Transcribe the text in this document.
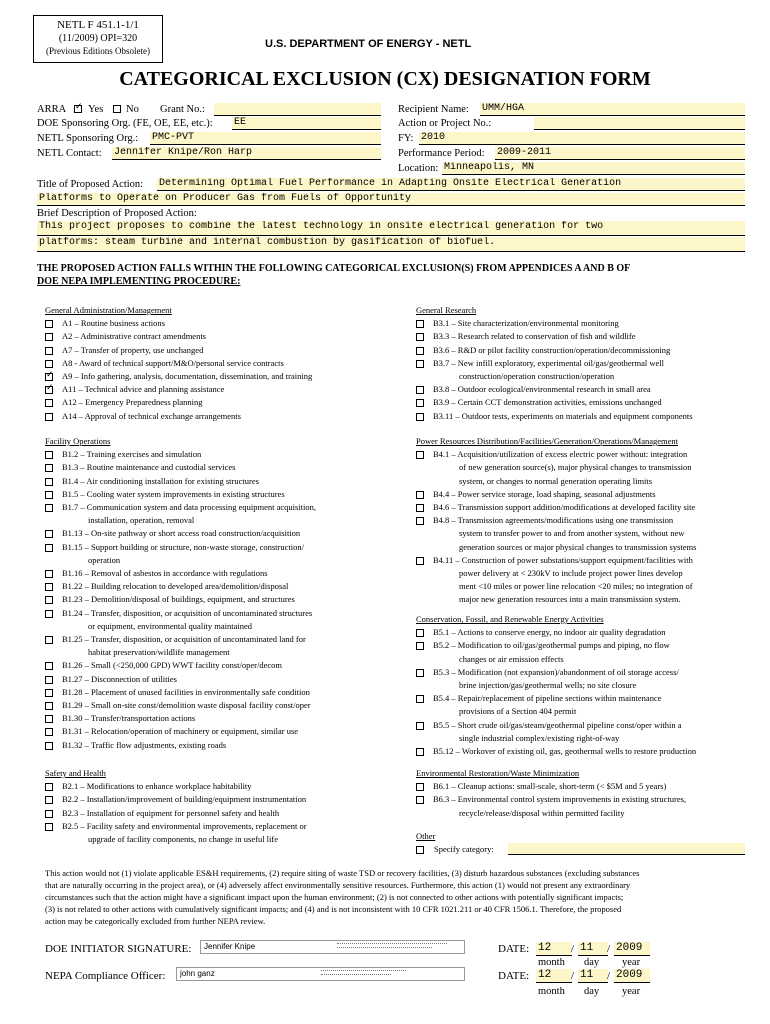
NETL F 451.1-1/1
(11/2009) OPI=320
(Previous Editions Obsolete)
U.S. DEPARTMENT OF ENERGY - NETL
CATEGORICAL EXCLUSION (CX) DESIGNATION FORM
ARRA
✓ Yes No Grant No.:
DOE Sponsoring Org. (FE, OE, EE, etc.): EE
NETL Sponsoring Org.: PMC-PVT
NETL Contact: Jennifer Knipe/Ron Harp
Recipient Name: UMM/HGA
Action or Project No.:
FY: 2010
Performance Period: 2009-2011
Location: Minneapolis, MN
Title of Proposed Action: Determining Optimal Fuel Performance in Adapting Onsite Electrical Generation
Platforms to Operate on Producer Gas from Fuels of Opportunity
Brief Description of Proposed Action:
This project proposes to combine the latest technology in onsite electrical generation for two
platforms: steam turbine and internal combustion by gasification of biofuel.
THE PROPOSED ACTION FALLS WITHIN THE FOLLOWING CATEGORICAL EXCLUSION(S) FROM APPENDICES A AND B OF
DOE NEPA IMPLEMENTING PROCEDURE:
General Administration/Management
A1 – Routine business actions
A2 – Administrative contract amendments
A7 – Transfer of property, use unchanged
A8 - Award of technical support/M&O/personal service contracts
✓
A9 – Info gathering, analysis, documentation, dissemination, and training
✓
A11 – Technical advice and planning assistance
A12 – Emergency Preparedness planning
A14 – Approval of technical exchange arrangements
Facility Operations
B1.2 – Training exercises and simulation
B1.3 – Routine maintenance and custodial services
B1.4 – Air conditioning installation for existing structures
B1.5 – Cooling water system improvements in existing structures
B1.7 – Communication system and data processing equipment acquisition,
installation, operation, removal
B1.13 – On-site pathway or short access road construction/acquisition
B1.15 – Support building or structure, non-waste storage, construction/
operation
B1.16 – Removal of asbestos in accordance with regulations
B1.22 – Building relocation to developed area/demolition/disposal
B1.23 – Demolition/disposal of buildings, equipment, and structures
B1.24 – Transfer, disposition, or acquisition of uncontaminated structures
or equipment, environmental quality maintained
B1.25 – Transfer, disposition, or acquisition of uncontaminated land for
habitat preservation/wildlife management
B1.26 – Small (<250,000 GPD) WWT facility const/oper/decom
B1.27 – Disconnection of utilities
B1.28 – Placement of unused facilities in environmentally safe condition
B1.29 – Small on-site const/demolition waste disposal facility const/oper
B1.30 – Transfer/transportation actions
B1.31 – Relocation/operation of machinery or equipment, similar use
B1.32 – Traffic flow adjustments, existing roads
Safety and Health
B2.1 – Modifications to enhance workplace habitability
B2.2 – Installation/improvement of building/equipment instrumentation
B2.3 – Installation of equipment for personnel safety and health
B2.5 – Facility safety and environmental improvements, replacement or
upgrade of facility components, no change in useful life
General Research
B3.1 – Site characterization/environmental monitoring
B3.3 – Research related to conservation of fish and wildlife
B3.6 – R&D or pilot facility construction/operation/decommissioning
B3.7 – New infill exploratory, experimental oil/gas/geothermal well
construction/operation construction/operation
B3.8 – Outdoor ecological/environmental research in small area
B3.9 – Certain CCT demonstration activities, emissions unchanged
B3.11 – Outdoor tests, experiments on materials and equipment components
Power Resources Distribution/Facilities/Generation/Operations/Management
B4.1 – Acquisition/utilization of excess electric power without: integration
of new generation source(s), major physical changes to transmission
system, or changes to normal generation operating limits
B4.4 – Power service storage, load shaping, seasonal adjustments
B4.6 – Transmission support addition/modifications at developed facility site
B4.8 – Transmission agreements/modifications using one transmission
system to transfer power to and from another system, without new
generation sources or major physical changes to transmission systems
B4.11 – Construction of power substations/support equipment/facilities with
power delivery at < 230kV to include project power lines develop
ment <10 miles or power line relocation <20 miles; no integration of
major new generation resources into a main transmission system.
Conservation, Fossil, and Renewable Energy Activities
B5.1 – Actions to conserve energy, no indoor air quality degradation
B5.2 – Modification to oil/gas/geothermal pumps and piping, no flow
changes or air emission effects
B5.3 – Modification (not expansion)/abandonment of oil storage access/
brine injection/gas/geothermal wells; no site closure
B5.4 – Repair/replacement of pipeline sections within maintenance
provisions of a Section 404 permit
B5.5 – Short crude oil/gas/steam/geothermal pipeline const/oper within a
single industrial complex/existing right-of-way
B5.12 – Workover of existing oil, gas, geothermal wells to restore production
Environmental Restoration/Waste Minimization
B6.1 – Cleanup actions: small-scale, short-term (< $5M and 5 years)
B6.3 – Environmental control system improvements in existing structures,
recycle/release/disposal within permitted facility
Other
Specify category:
This action would not (1) violate applicable ES&H requirements, (2) require siting of waste TSD or recovery facilities, (3) disturb hazardous substances (excluding substances
that are naturally occurring in the project area), or (4) adversely affect environmentally sensitive resources. Furthermore, this action (1) would not present any extraordinary
circumstances such that the action might have a significant impact upon the human environment; (2) is not connected to other actions with potentially significant impacts;
(3) is not related to other actions with cumulatively significant impacts; and (4) and is not inconsistent with 10 CFR 1021.211 or 40 CFR 1506.1. Therefore, the proposed
action may be categorically excluded from further NEPA review.
DOE INITIATOR SIGNATURE: Jennifer Knipe
NEPA Compliance Officer: john ganz
DATE: 12	/ 11	/ 2009
month day year
DATE: 12	/ 11	/ 2009
month day year
